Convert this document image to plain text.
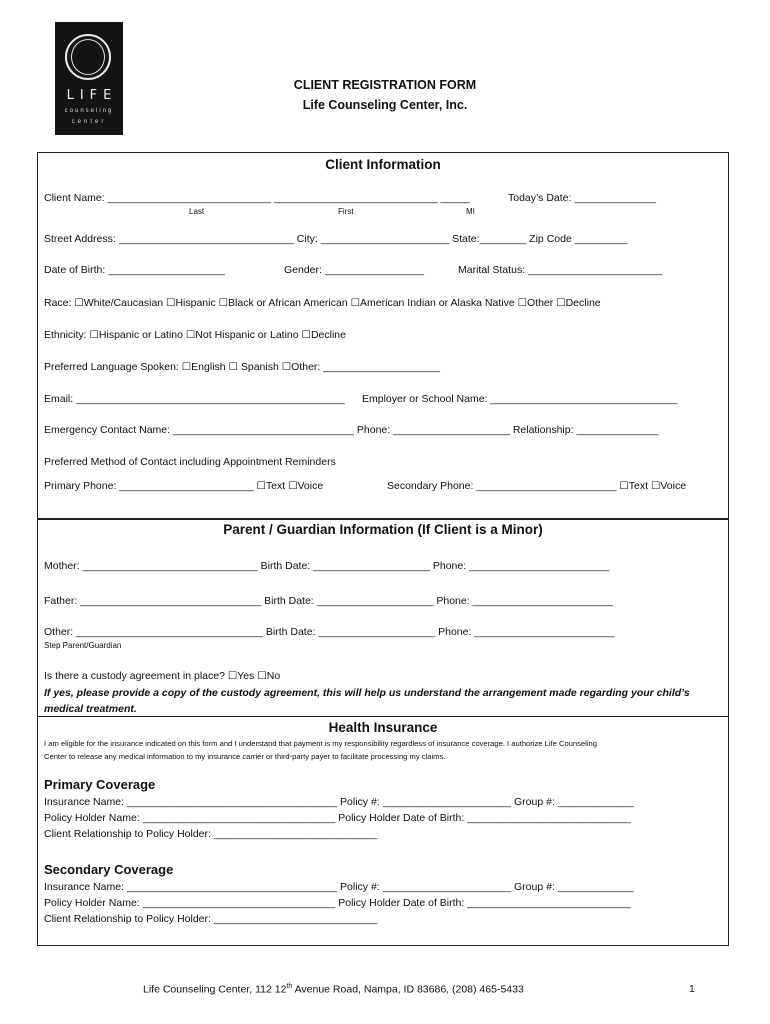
LIFE
counseling
center
CLIENT REGISTRATION FORM
Life Counseling Center, Inc.
Client Information
Client Name: ____________________________ ____________________________ _____	Today’s Date: ______________
Last	First	MI
Street Address: ______________________________ City: ______________________ State:________ Zip Code _________
Date of Birth: ____________________	Gender: _________________	Marital Status: _______________________
Race: ☐White/Caucasian ☐Hispanic ☐Black or African American ☐American Indian or Alaska Native ☐Other ☐Decline
Ethnicity: ☐Hispanic or Latino ☐Not Hispanic or Latino ☐Decline
Preferred Language Spoken: ☐English ☐ Spanish ☐Other: ____________________
Email: ______________________________________________ Employer or School Name: ________________________________
Emergency Contact Name: _______________________________ Phone: ____________________ Relationship: ______________
Preferred Method of Contact including Appointment Reminders
Primary Phone: _______________________ ☐Text ☐Voice	Secondary Phone: ________________________ ☐Text ☐Voice
Parent / Guardian Information (If Client is a Minor)
Mother: ______________________________ Birth Date: ____________________ Phone: ________________________
Father: _______________________________ Birth Date: ____________________ Phone: ________________________
Other: ________________________________ Birth Date: ____________________ Phone: ________________________
Step Parent/Guardian
Is there a custody agreement in place? ☐Yes ☐No
If yes, please provide a copy of the custody agreement, this will help us understand the arrangement made regarding your child’s
medical treatment.
Health Insurance
I am eligible for the insurance indicated on this form and I understand that payment is my responsibility regardless of insurance coverage. I authorize Life Counseling
Center to release any medical information to my insurance carrier or third-party payer to facilitate processing my claims.
Primary Coverage
Insurance Name: ____________________________________ Policy #: ______________________ Group #: _____________
Policy Holder Name: _________________________________ Policy Holder Date of Birth: ____________________________
Client Relationship to Policy Holder: ____________________________
Secondary Coverage
Insurance Name: ____________________________________ Policy #: ______________________ Group #: _____________
Policy Holder Name: _________________________________ Policy Holder Date of Birth: ____________________________
Client Relationship to Policy Holder: ____________________________
Life Counseling Center, 112 12th Avenue Road, Nampa, ID 83686, (208) 465-5433	1
